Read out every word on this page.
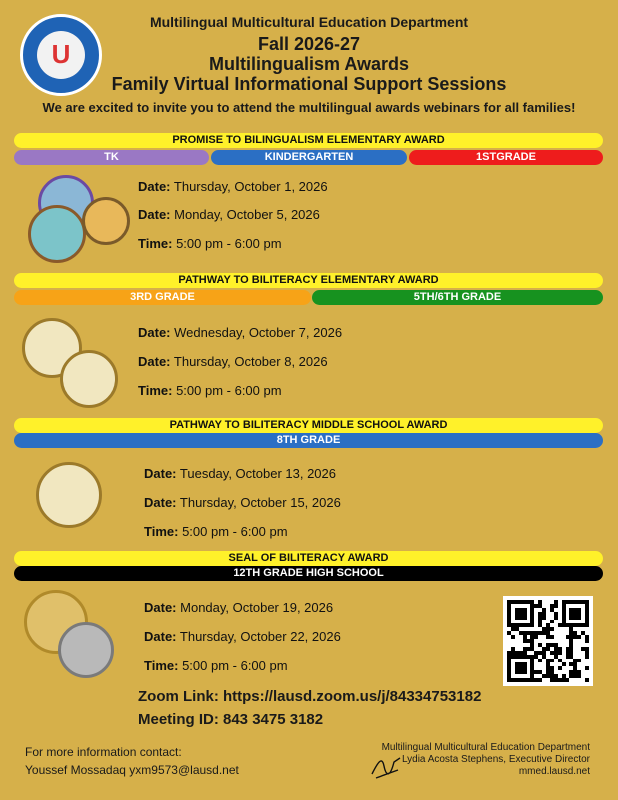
U
Multilingual Multicultural Education Department
Fall 2026-27
Multilingualism Awards
Family Virtual Informational Support Sessions
We are excited to invite you to attend the multilingual awards webinars for all families!
PROMISE TO BILINGUALISM ELEMENTARY AWARD
TK	KINDERGARTEN	1STGRADE
Date: Thursday, October 1, 2026
Date: Monday, October 5, 2026
Time: 5:00 pm - 6:00 pm
PATHWAY TO BILITERACY ELEMENTARY AWARD
3RD GRADE	5TH/6TH GRADE
Date: Wednesday, October 7, 2026
Date: Thursday, October 8, 2026
Time: 5:00 pm - 6:00 pm
PATHWAY TO BILITERACY MIDDLE SCHOOL AWARD
8TH GRADE
Date: Tuesday, October 13, 2026
Date: Thursday, October 15, 2026
Time: 5:00 pm - 6:00 pm
SEAL OF BILITERACY AWARD
12TH GRADE HIGH SCHOOL
Date: Monday, October 19, 2026
Date: Thursday, October 22, 2026
Time: 5:00 pm - 6:00 pm
Zoom Link: https://lausd.zoom.us/j/84334753182
Meeting ID: 843 3475 3182
For more information contact:
Youssef Mossadaq yxm9573@lausd.net
Multilingual Multicultural Education Department
Lydia Acosta Stephens, Executive Director
mmed.lausd.net
